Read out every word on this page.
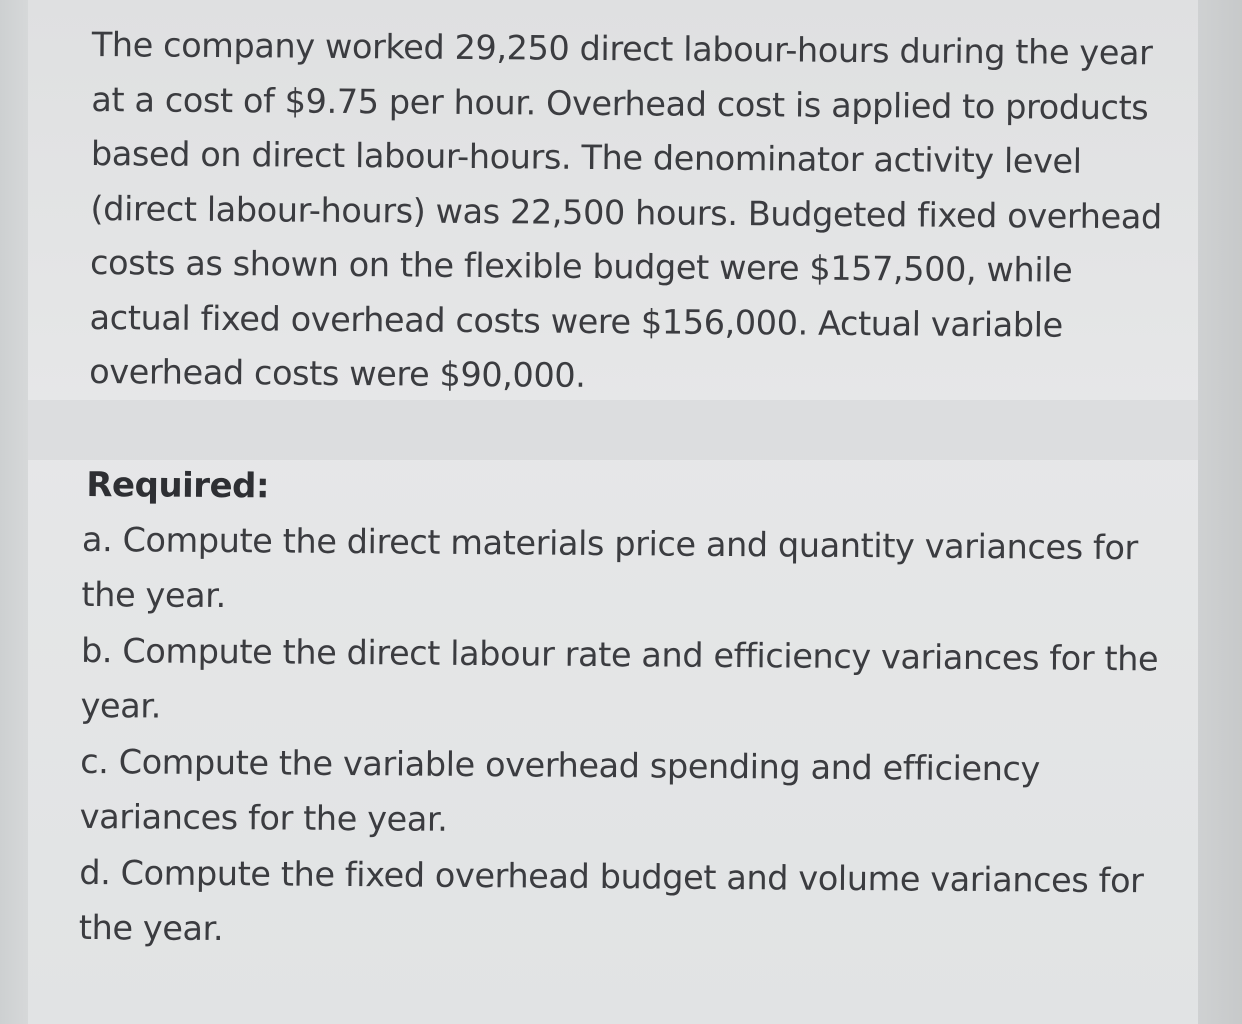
The company worked 29,250 direct labour-hours during the year at a cost of $9.75 per hour. Overhead cost is applied to products based on direct labour-hours. The denominator activity level (direct labour-hours) was 22,500 hours. Budgeted fixed overhead costs as shown on the flexible budget were $157,500, while actual fixed overhead costs were $156,000. Actual variable overhead costs were $90,000.

Required:
a. Compute the direct materials price and quantity variances for the year.
b. Compute the direct labour rate and efficiency variances for the year.
c. Compute the variable overhead spending and efficiency variances for the year.
d. Compute the fixed overhead budget and volume variances for the year.
